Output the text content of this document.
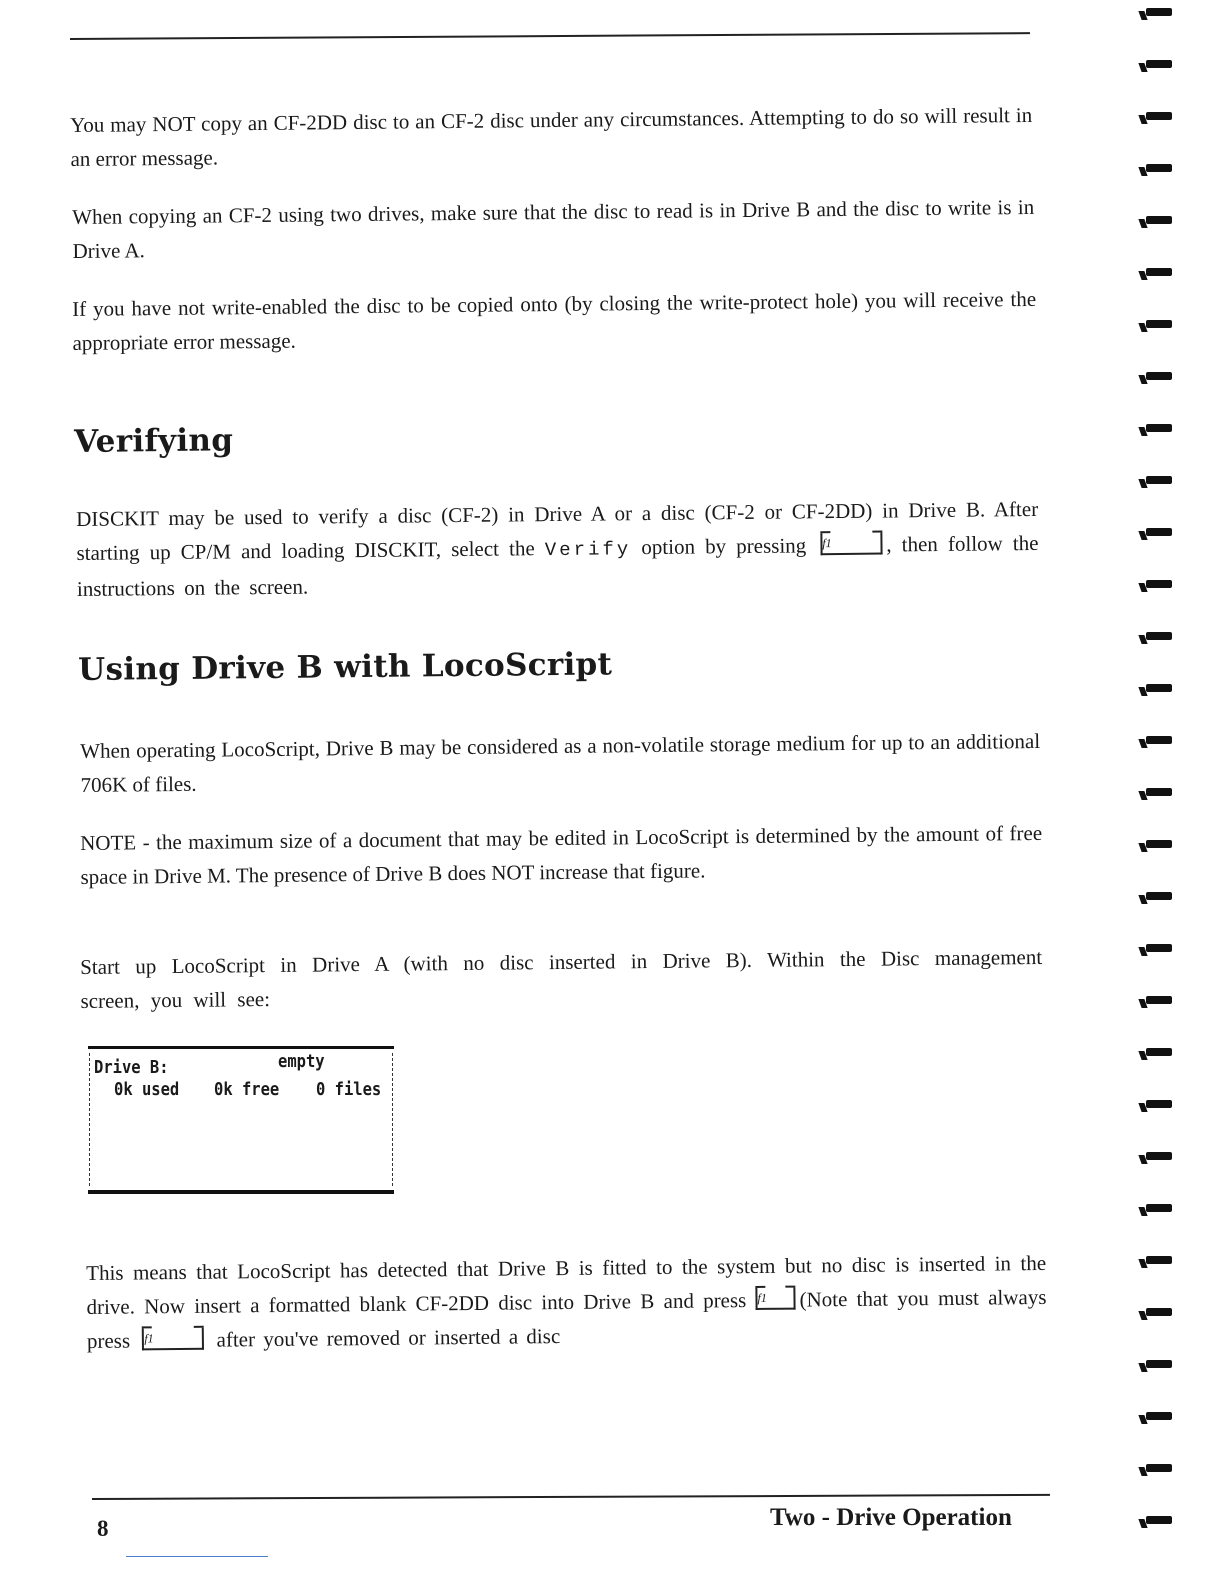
You may NOT copy an CF-2DD disc to an CF-2 disc under any circumstances. Attempting to do so will result in an error message.

When copying an CF-2 using two drives, make sure that the disc to read is in Drive B and the disc to write is in Drive A.

If you have not write-enabled the disc to be copied onto (by closing the write-protect hole) you will receive the appropriate error message.

Verifying

DISCKIT may be used to verify a disc (CF-2) in Drive A or a disc (CF-2 or CF-2DD) in Drive B. After starting up CP/M and loading DISCKIT, select the Verify option by pressing f1	, then follow the instructions on the screen.

Using Drive B with LocoScript

When operating LocoScript, Drive B may be considered as a non-volatile storage medium for up to an additional 706K of files.

NOTE - the maximum size of a document that may be edited in LocoScript is determined by the amount of free space in Drive M. The presence of Drive B does NOT increase that figure.

Start up LocoScript in Drive A (with no disc inserted in Drive B). Within the Disc management screen, you will see:

Drive B:	empty
0k used 0k free 0 files

This means that LocoScript has detected that Drive B is fitted to the system but no disc is inserted in the drive. Now insert a formatted blank CF-2DD disc into Drive B and press f1	(Note that you must always press f1	after you've removed or inserted a disc

8	Two - Drive Operation
